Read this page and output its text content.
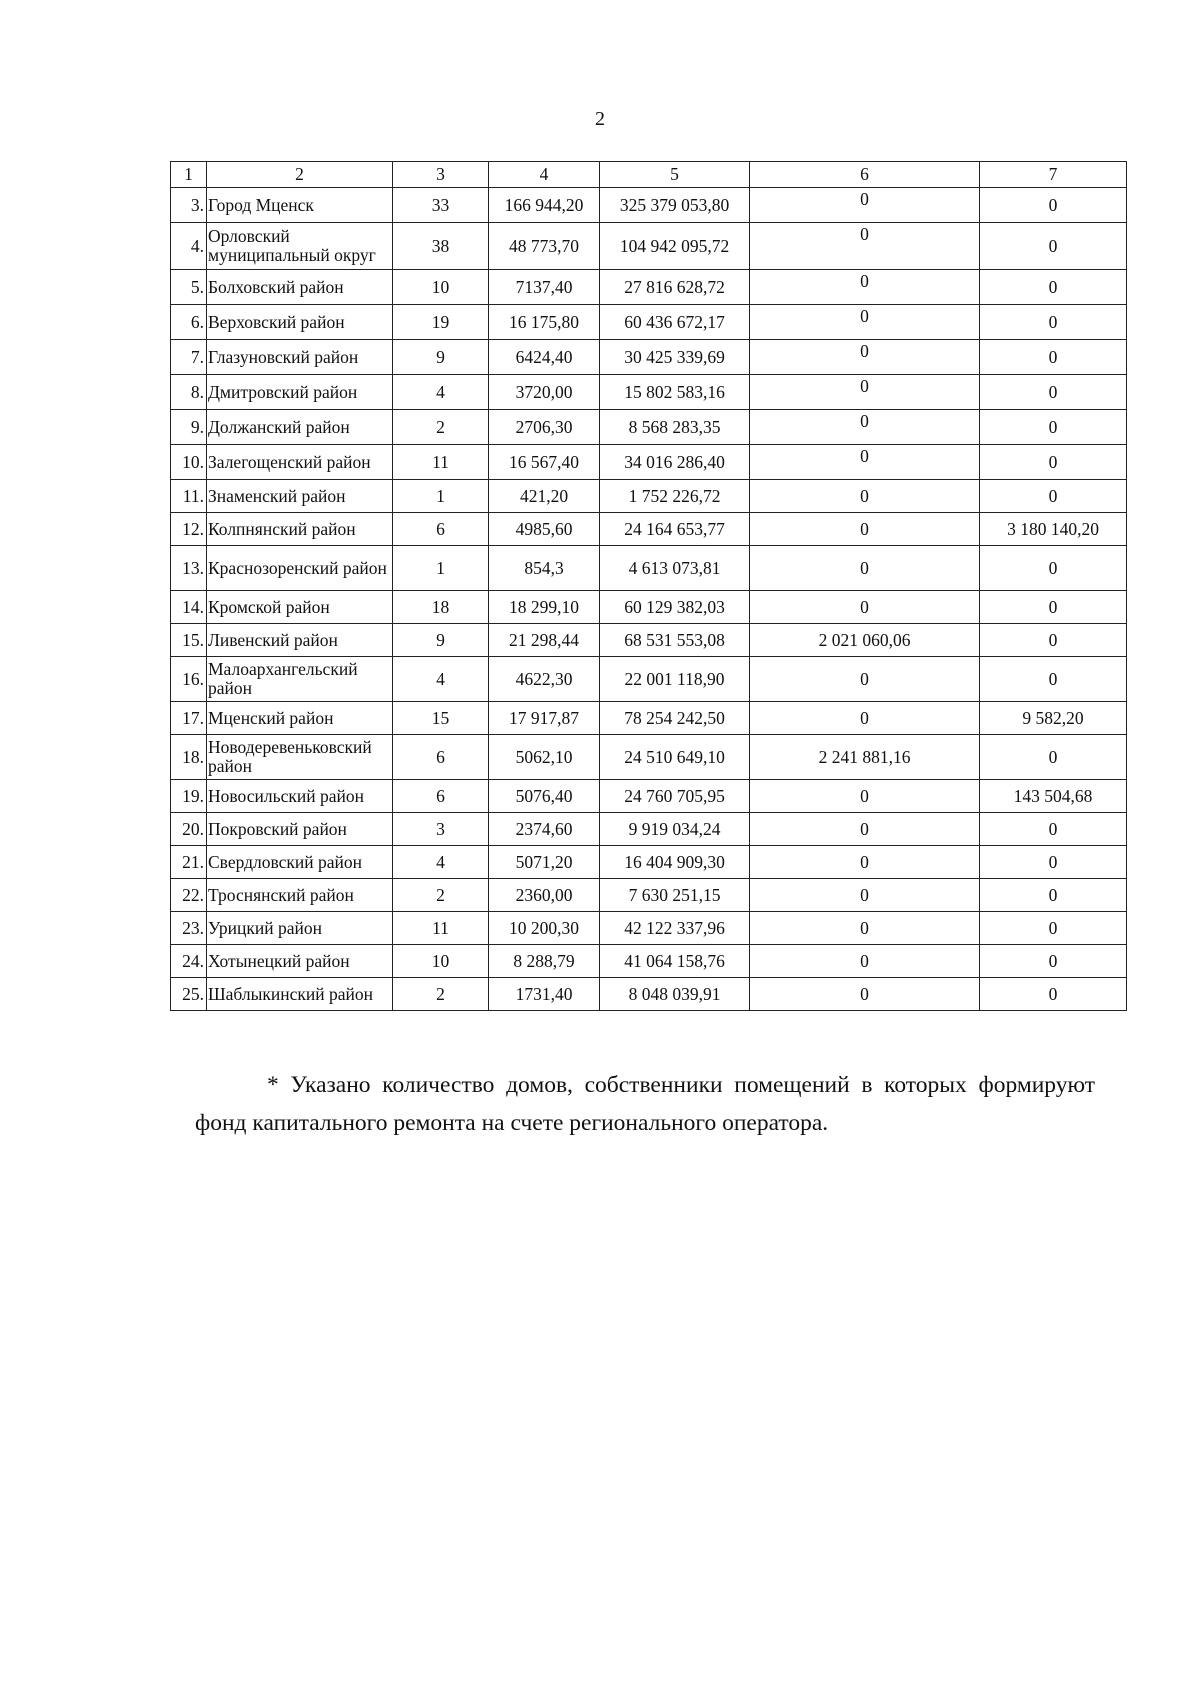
2
1	2	3	4	5	6	7
3.	Город Мценск	33	166 944,20	325 379 053,80	0	0
4.	Орловский муниципальный округ	38	48 773,70	104 942 095,72	0	0
5.	Болховский район	10	7137,40	27 816 628,72	0	0
6.	Верховский район	19	16 175,80	60 436 672,17	0	0
7.	Глазуновский район	9	6424,40	30 425 339,69	0	0
8.	Дмитровский район	4	3720,00	15 802 583,16	0	0
9.	Должанский район	2	2706,30	8 568 283,35	0	0
10.	Залегощенский район	11	16 567,40	34 016 286,40	0	0
11.	Знаменский район	1	421,20	1 752 226,72	0	0
12.	Колпнянский район	6	4985,60	24 164 653,77	0	3 180 140,20
13.	Краснозоренский район	1	854,3	4 613 073,81	0	0
14.	Кромской район	18	18 299,10	60 129 382,03	0	0
15.	Ливенский район	9	21 298,44	68 531 553,08	2 021 060,06	0
16.	Малоархангельский район	4	4622,30	22 001 118,90	0	0
17.	Мценский район	15	17 917,87	78 254 242,50	0	9 582,20
18.	Новодеревеньковский район	6	5062,10	24 510 649,10	2 241 881,16	0
19.	Новосильский район	6	5076,40	24 760 705,95	0	143 504,68
20.	Покровский район	3	2374,60	9 919 034,24	0	0
21.	Свердловский район	4	5071,20	16 404 909,30	0	0
22.	Троснянский район	2	2360,00	7 630 251,15	0	0
23.	Урицкий район	11	10 200,30	42 122 337,96	0	0
24.	Хотынецкий район	10	8 288,79	41 064 158,76	0	0
25.	Шаблыкинский район	2	1731,40	8 048 039,91	0	0
* Указано количество домов, собственники помещений в которых формируют фонд капитального ремонта на счете регионального оператора.
